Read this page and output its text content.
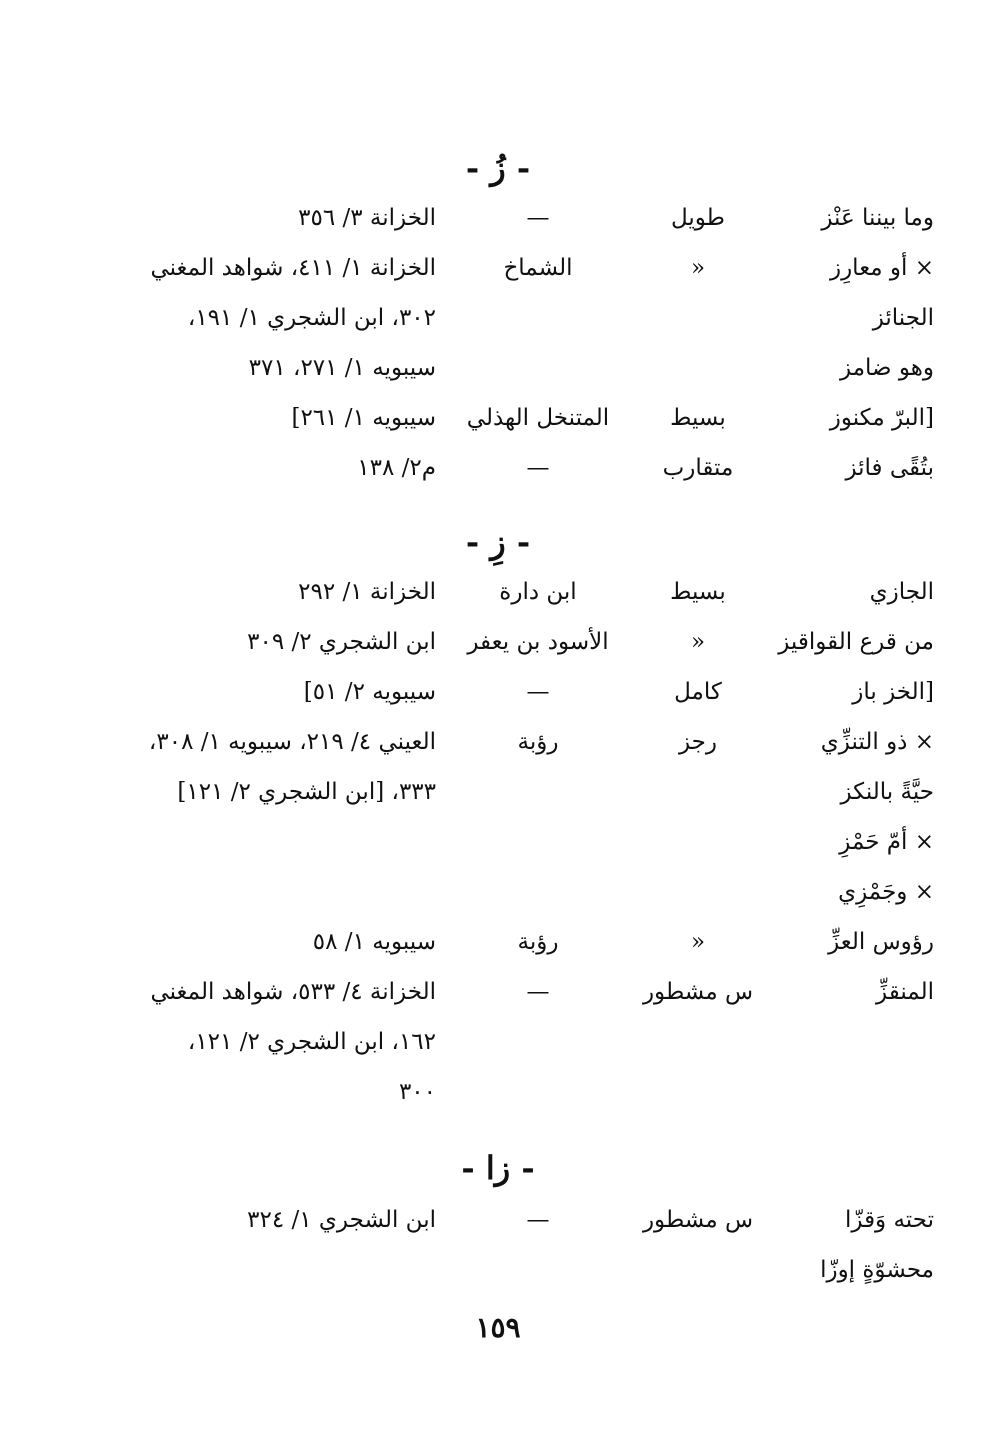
- زُ -
وما بيننا عَنْز
طويل
—
الخزانة ٣/ ٣٥٦
× أو معارِز
«
الشماخ
الخزانة ١/ ٤١١، شواهد المغني
الجنائز
٣٠٢، ابن الشجري ١/ ١٩١،
وهو ضامز
سيبويه ١/ ٢٧١، ٣٧١
[البرّ مكنوز
بسيط
المتنخل الهذلي
سيبويه ١/ ٢٦١]
بتُقًى فائز
متقارب
—
م٢/ ١٣٨
- زِ -
الجازي
بسيط
ابن دارة
الخزانة ١/ ٢٩٢
من قرع القواقيز
«
الأسود بن يعفر
ابن الشجري ٢/ ٣٠٩
[الخز باز
كامل
—
سيبويه ٢/ ٥١]
× ذو التنزِّي
رجز
رؤبة
العيني ٤/ ٢١٩، سيبويه ١/ ٣٠٨،
حيَّةً بالنكز
٣٣٣، [ابن الشجري ٢/ ١٢١]
× أمّ حَمْزِ
× وجَمْزِي
رؤوس العزِّ
«
رؤبة
سيبويه ١/ ٥٨
المنقزِّ
س مشطور
—
الخزانة ٤/ ٥٣٣، شواهد المغني
١٦٢، ابن الشجري ٢/ ١٢١،
٣٠٠
- زا -
تحته وَقزّا
س مشطور
—
ابن الشجري ١/ ٣٢٤
محشوّةٍ إوزّا
١٥٩
